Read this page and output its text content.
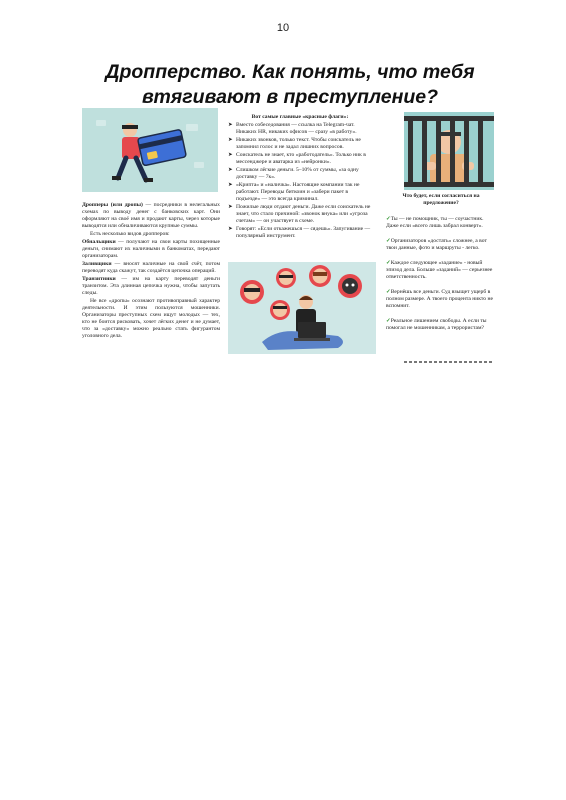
10
Дропперство. Как понять, что тебя втягивают в преступление?

Дропперы (или дропы) — посредники в нелегальных схемах по выводу денег с банковских карт. Они оформляют на своё имя и продают карты, через которые выводятся или обналичиваются крупные суммы.

Есть несколько видов дропперов:

Обнальщики — получают на свои карты похищенные деньги, снимают их наличными в банкоматах, передают организаторам.

Заливщики — вносят наличные на свой счёт, потом переводят куда скажут, так создаётся цепочка операций.

Транзитники — им на карту переводят деньги транзитом. Эта длинная цепочка нужна, чтобы запутать следы.

Не все «дропы» осознают противоправный характер деятельности. И этим пользуются мошенники. Организаторы преступных схем ищут молодых — тех, кто не боится рисковать, хочет лёгких денег и не думает, что за «доставку» можно реально стать фигурантом уголовного дела.

Вот самые главные «красные флаги»:

➤ Вместо собеседования — ссылка на Telegram-чат. Никаких HR, никаких офисов — сразу «в работу».
➤ Никаких звонков, только текст. Чтобы соискатель не запомнил голос и не задал лишних вопросов.
➤ Соискатель не знает, кто «работодатель». Только ник в мессенджере и аватарка из «нейронки».
➤ Слишком лёгкие деньги. 5–10% от суммы, «за одну доставку — 7к».
➤ «Крипта» и «наличка». Настоящие компании так не работают. Переводы биткоин и «забери пакет в подъезде» — это всегда криминал.
➤ Пожилые люди отдают деньги. Даже если соискатель не знает, что стало причиной: «звонок внука» или «угроза счетам» — он участвует в схеме.
➤ Говорят: «Если откажешься — сядешь». Запугивание — популярный инструмент.

Что будет, если согласиться на предложение?

✓Ты — не помощник, ты — соучастник. Даже если «всего лишь забрал конверт».

✓Организаторов «достать» сложнее, а вот твои данные, фото и маршруты - легко.

✓Каждое следующее «задание» - новый эпизод дела. Больше «заданий» — серьезнее ответственность.

✓Вернёшь все деньги. Суд взыщет ущерб в полном размере. А твоего процента никто не вспомнит.

✓Реальное лишением свободы. А если ты помогал не мошенникам, а террористам?
